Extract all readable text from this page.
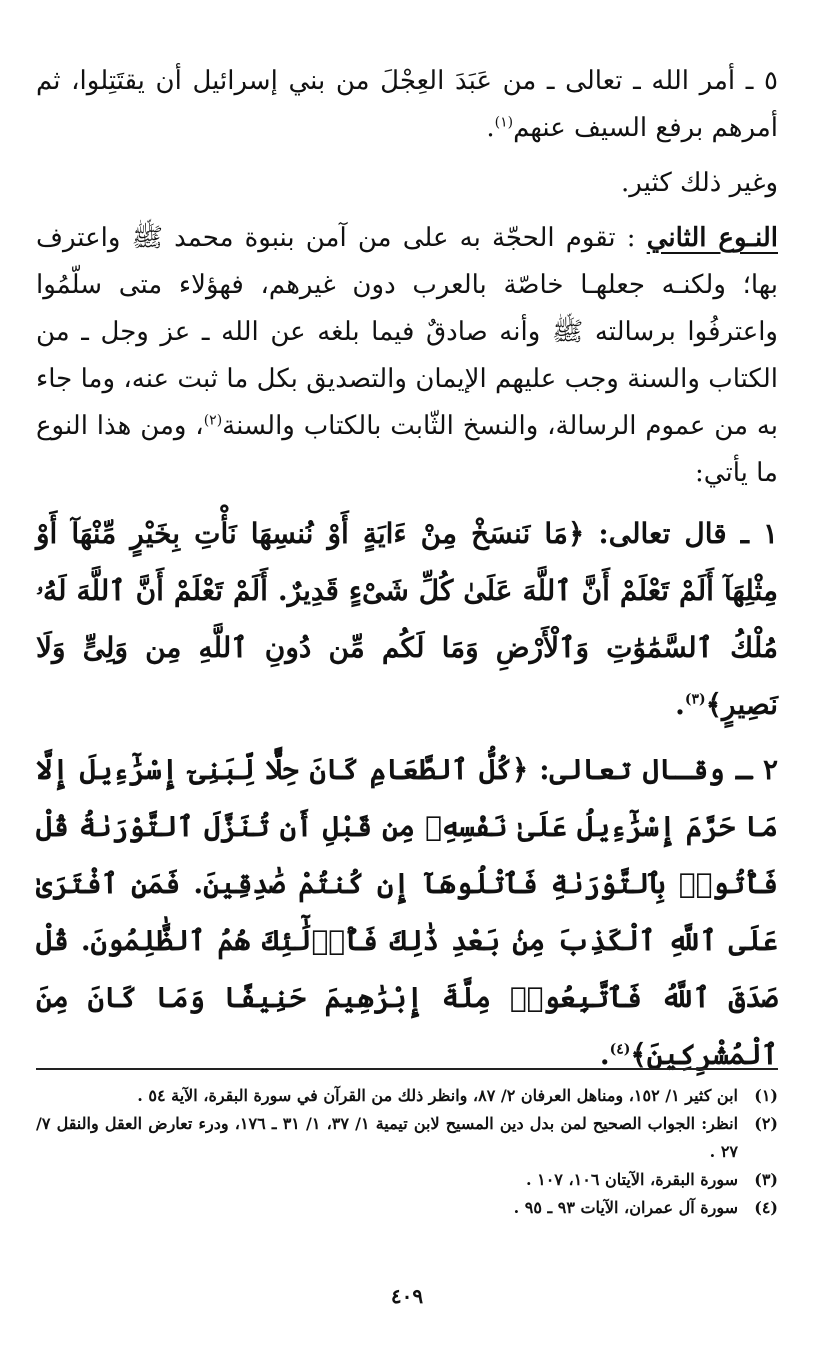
٥ ـ أمر الله ـ تعالى ـ من عَبَدَ العِجْلَ من بني إسرائيل أن يقتَتِلوا، ثم أمرهم برفع السيف عنهم$^{(١)}$.

وغير ذلك كثير.

النـوع الثاني : تقوم الحجّة به على من آمن بنبوة محمد ﷺ واعترف بها؛ ولكنـه جعلهـا خاصّة بالعرب دون غيرهم، فهؤلاء متى سلّمُوا واعترفُوا برسالته ﷺ وأنه صادقٌ فيما بلغه عن الله ـ عز وجل ـ من الكتاب والسنة وجب عليهم الإيمان والتصديق بكل ما ثبت عنه، وما جاء به من عموم الرسالة، والنسخ الثّابت بالكتاب والسنة$^{(٢)}$، ومن هذا النوع ما يأتي:

١ ـ قال تعالى: ﴿مَا نَنسَخْ مِنْ ءَايَةٍ أَوْ نُنسِهَا نَأْتِ بِخَيْرٍ مِّنْهَآ أَوْ مِثْلِهَآ أَلَمْ تَعْلَمْ أَنَّ ٱللَّهَ عَلَىٰ كُلِّ شَىْءٍ قَدِيرٌ. أَلَمْ تَعْلَمْ أَنَّ ٱللَّهَ لَهُۥ مُلْكُ ٱلسَّمَٰوَٰتِ وَٱلْأَرْضِ وَمَا لَكُم مِّن دُونِ ٱللَّهِ مِن وَلِىٍّ وَلَا نَصِيرٍ﴾$^{(٣)}$.

٢ ـ وقـال تعالى: ﴿كُلُّ ٱلطَّعَامِ كَانَ حِلًّا لِّبَنِىٓ إِسْرَٰٓءِيلَ إِلَّا مَا حَرَّمَ إِسْرَٰٓءِيلُ عَلَىٰ نَفْسِهِۦ مِن قَبْلِ أَن تُنَزَّلَ ٱلتَّوْرَىٰةُ قُلْ فَأْتُوا۟ بِٱلتَّوْرَىٰةِ فَٱتْلُوهَآ إِن كُنتُمْ صَٰدِقِينَ. فَمَنِ ٱفْتَرَىٰ عَلَى ٱللَّهِ ٱلْكَذِبَ مِنۢ بَعْدِ ذَٰلِكَ فَأُو۟لَٰٓئِكَ هُمُ ٱلظَّٰلِمُونَ. قُلْ صَدَقَ ٱللَّهُ فَٱتَّبِعُوا۟ مِلَّةَ إِبْرَٰهِيمَ حَنِيفًا وَمَا كَانَ مِنَ ٱلْمُشْرِكِينَ﴾$^{(٤)}$.

(١)
ابن كثير ١/ ١٥٢، ومناهل العرفان ٢/ ٨٧، وانظر ذلك من القرآن في سورة البقرة، الآية ٥٤ .
(٢)
انظر: الجواب الصحيح لمن بدل دين المسيح لابن تيمية ١/ ٣٧، ١/ ٣١ ـ ١٧٦، ودرء تعارض العقل والنقل ٧/ ٢٧ .
(٣)
سورة البقرة، الآيتان ١٠٦، ١٠٧ .
(٤)
سورة آل عمران، الآيات ٩٣ ـ ٩٥ .
٤٠٩
